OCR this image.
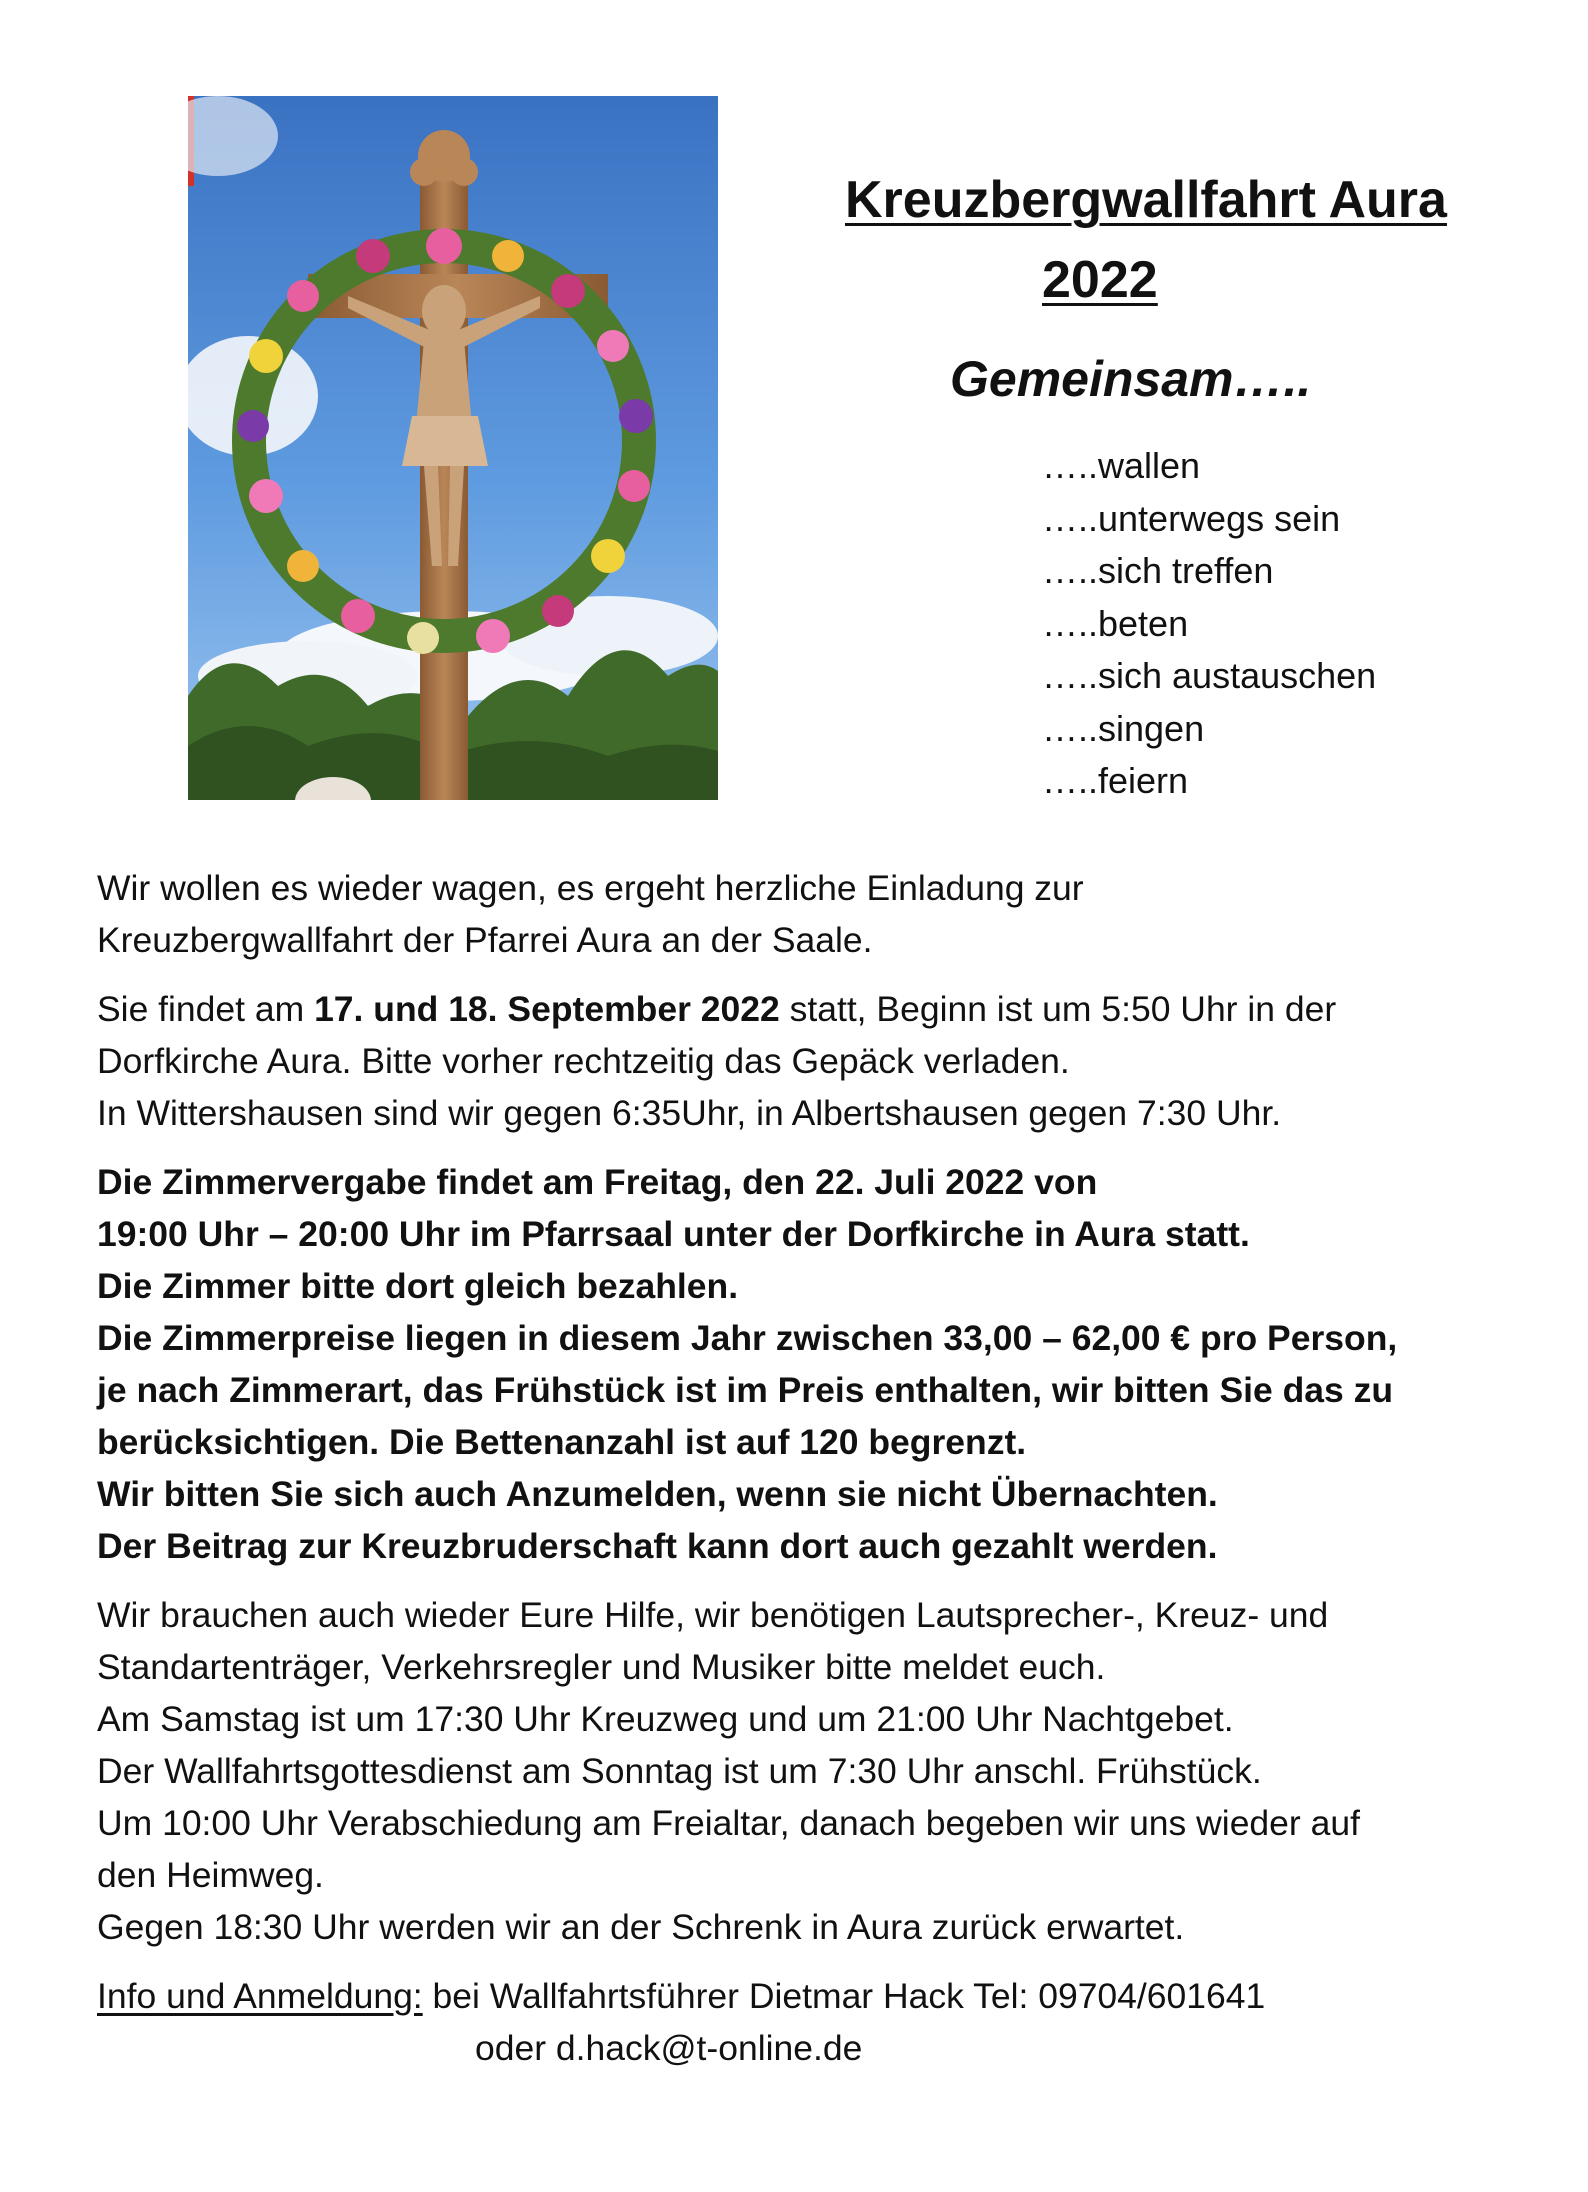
Kreuzbergwallfahrt Aura
2022
Gemeinsam…..
…..wallen
…..unterwegs sein
…..sich treffen
…..beten
…..sich austauschen
…..singen
…..feiern

Wir wollen es wieder wagen, es ergeht herzliche Einladung zur
Kreuzbergwallfahrt der Pfarrei Aura an der Saale.

Sie findet am 17. und 18. September 2022 statt, Beginn ist um 5:50 Uhr in der
Dorfkirche Aura. Bitte vorher rechtzeitig das Gepäck verladen.
In Wittershausen sind wir gegen 6:35Uhr, in Albertshausen gegen 7:30 Uhr.

Die Zimmervergabe findet am Freitag, den 22. Juli 2022 von
19:00 Uhr – 20:00 Uhr im Pfarrsaal unter der Dorfkirche in Aura statt.
Die Zimmer bitte dort gleich bezahlen.
Die Zimmerpreise liegen in diesem Jahr zwischen 33,00 – 62,00 € pro Person,
je nach Zimmerart, das Frühstück ist im Preis enthalten, wir bitten Sie das zu
berücksichtigen. Die Bettenanzahl ist auf 120 begrenzt.
Wir bitten Sie sich auch Anzumelden, wenn sie nicht Übernachten.
Der Beitrag zur Kreuzbruderschaft kann dort auch gezahlt werden.

Wir brauchen auch wieder Eure Hilfe, wir benötigen Lautsprecher-, Kreuz- und
Standartenträger, Verkehrsregler und Musiker bitte meldet euch.
Am Samstag ist um 17:30 Uhr Kreuzweg und um 21:00 Uhr Nachtgebet.
Der Wallfahrtsgottesdienst am Sonntag ist um 7:30 Uhr anschl. Frühstück.
Um 10:00 Uhr Verabschiedung am Freialtar, danach begeben wir uns wieder auf
den Heimweg.
Gegen 18:30 Uhr werden wir an der Schrenk in Aura zurück erwartet.

Info und Anmeldung: bei Wallfahrtsführer Dietmar Hack Tel: 09704/601641
oder d.hack@t-online.de
